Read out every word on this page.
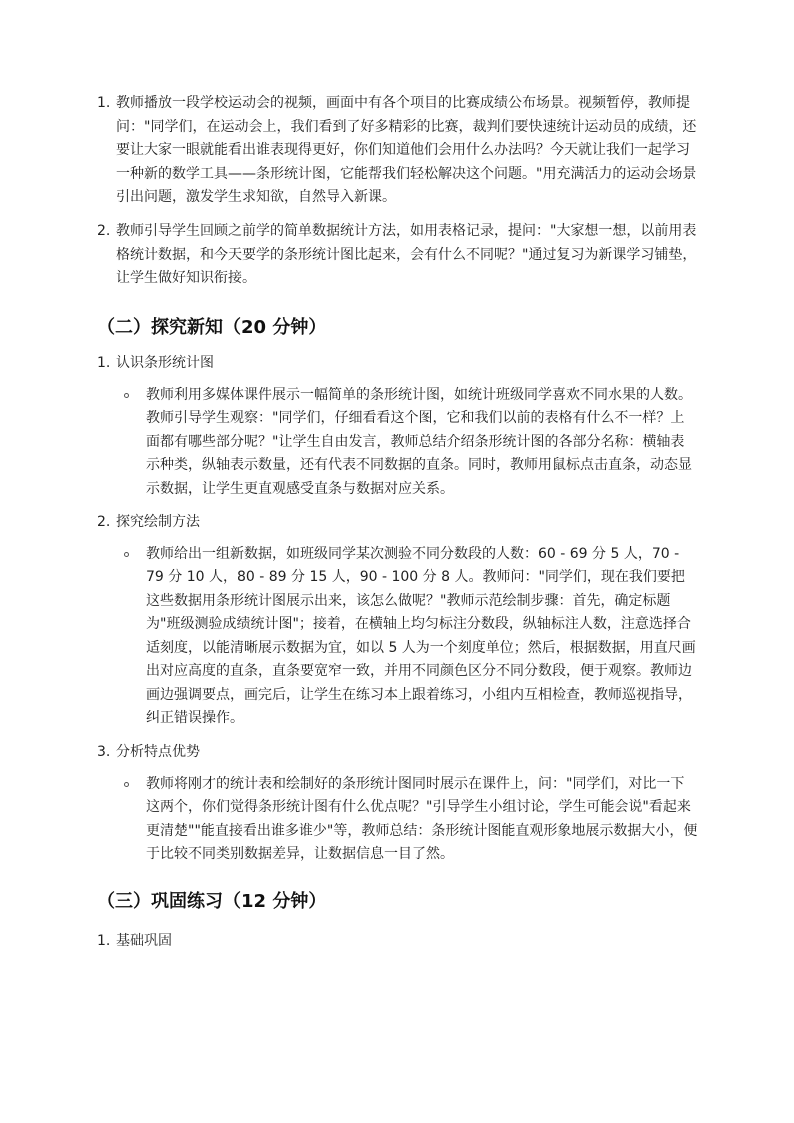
1. 教师播放一段学校运动会的视频，画面中有各个项目的比赛成绩公布场景。视频暂停，教师提问："同学们，在运动会上，我们看到了好多精彩的比赛，裁判们要快速统计运动员的成绩，还要让大家一眼就能看出谁表现得更好，你们知道他们会用什么办法吗？今天就让我们一起学习一种新的数学工具——条形统计图，它能帮我们轻松解决这个问题。"用充满活力的运动会场景引出问题，激发学生求知欲，自然导入新课。
2. 教师引导学生回顾之前学的简单数据统计方法，如用表格记录，提问："大家想一想，以前用表格统计数据，和今天要学的条形统计图比起来，会有什么不同呢？"通过复习为新课学习铺垫，让学生做好知识衔接。
（二）探究新知（20 分钟）
1. 认识条形统计图
教师利用多媒体课件展示一幅简单的条形统计图，如统计班级同学喜欢不同水果的人数。教师引导学生观察："同学们，仔细看看这个图，它和我们以前的表格有什么不一样？上面都有哪些部分呢？"让学生自由发言，教师总结介绍条形统计图的各部分名称：横轴表示种类，纵轴表示数量，还有代表不同数据的直条。同时，教师用鼠标点击直条，动态显示数据，让学生更直观感受直条与数据对应关系。
2. 探究绘制方法
教师给出一组新数据，如班级同学某次测验不同分数段的人数：60 - 69 分 5 人，70 - 79 分 10 人，80 - 89 分 15 人，90 - 100 分 8 人。教师问："同学们，现在我们要把这些数据用条形统计图展示出来，该怎么做呢？"教师示范绘制步骤：首先，确定标题为"班级测验成绩统计图"；接着，在横轴上均匀标注分数段，纵轴标注人数，注意选择合适刻度，以能清晰展示数据为宜，如以 5 人为一个刻度单位；然后，根据数据，用直尺画出对应高度的直条，直条要宽窄一致，并用不同颜色区分不同分数段，便于观察。教师边画边强调要点，画完后，让学生在练习本上跟着练习，小组内互相检查，教师巡视指导，纠正错误操作。
3. 分析特点优势
教师将刚才的统计表和绘制好的条形统计图同时展示在课件上，问："同学们，对比一下这两个，你们觉得条形统计图有什么优点呢？"引导学生小组讨论，学生可能会说"看起来更清楚""能直接看出谁多谁少"等，教师总结：条形统计图能直观形象地展示数据大小，便于比较不同类别数据差异，让数据信息一目了然。
（三）巩固练习（12 分钟）
1. 基础巩固
